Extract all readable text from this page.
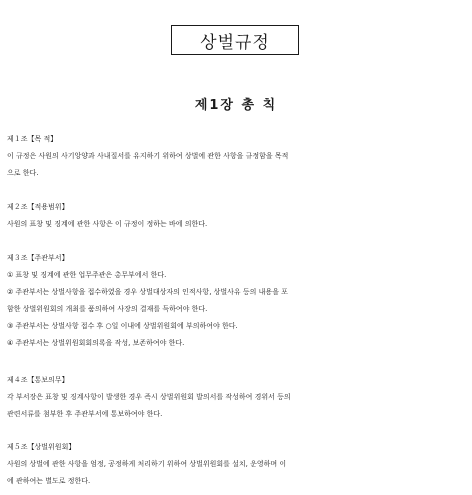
상벌규정
제1장 총 칙
제１조【목 적】
이 규정은 사원의 사기앙양과 사내질서를 유지하기 위하여 상벌에 관한 사항을 규정함을 목적
으로 한다.
제２조【적용범위】
사원의 표창 및 징계에 관한 사항은 이 규정이 정하는 바에 의한다.
제３조【주관부서】
① 표창 및 징계에 관한 업무주관은 총무부에서 한다.
② 주관부서는 상벌사항을 접수하였을 경우 상벌대상자의 인적사항, 상벌사유 등의 내용을 포
함한 상벌위원회의 개최를 품의하여 사장의 결재를 득하여야 한다.
③ 주관부서는 상벌사항 접수 후 ○일 이내에 상벌위원회에 부의하여야 한다.
④ 주관부서는 상벌위원회회의록을 작성, 보존하여야 한다.
제４조【통보의무】
각 부서장은 표창 및 징계사항이 발생한 경우 즉시 상벌위원회 발의서를 작성하여 경위서 등의
관련서류를 첨부한 후 주관부서에 통보하여야 한다.
제５조【상벌위원회】
사원의 상벌에 관한 사항을 엄정, 공정하게 처리하기 위하여 상벌위원회를 설치, 운영하며 이
에 관하여는 별도로 정한다.
